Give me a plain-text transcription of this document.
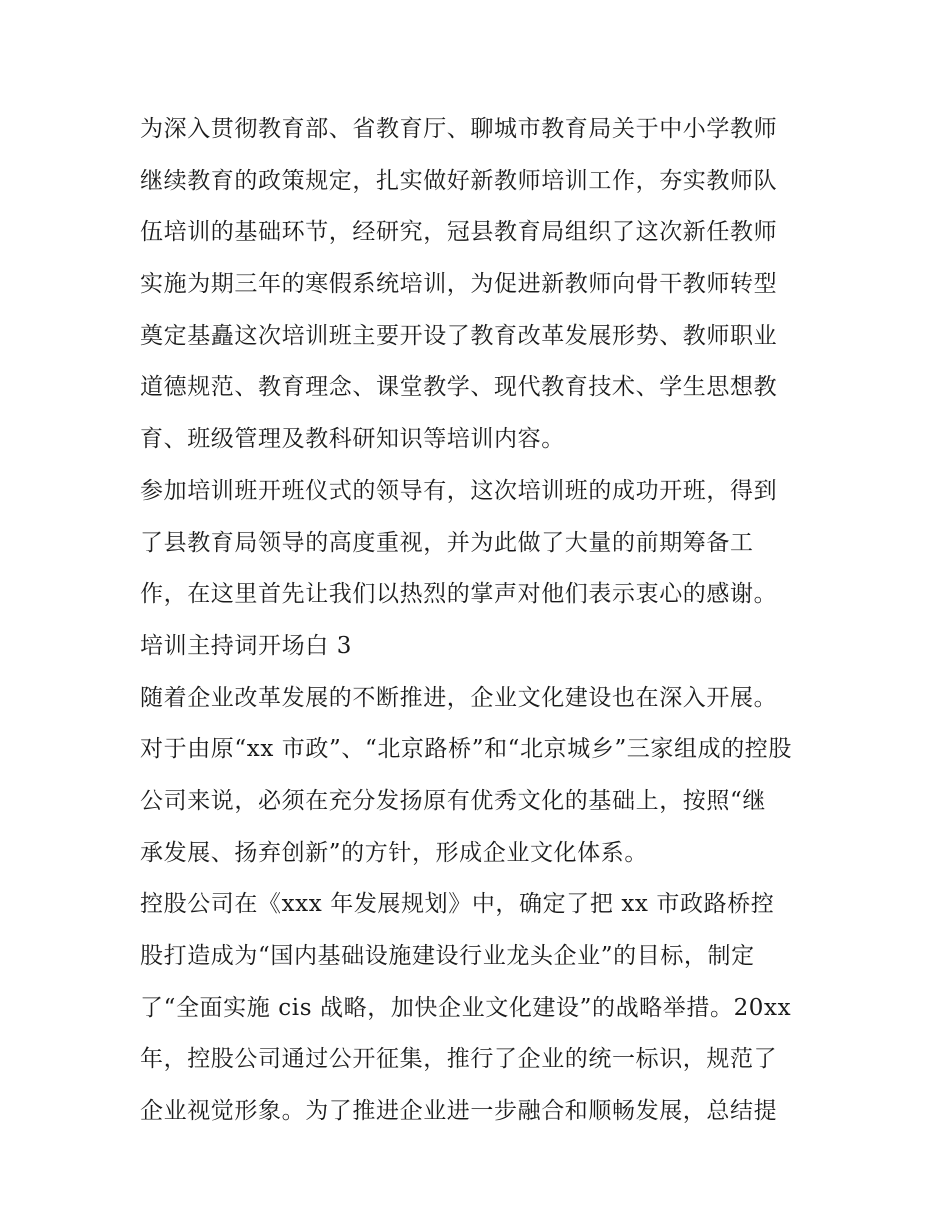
为深入贯彻教育部、省教育厅、聊城市教育局关于中小学教师
继续教育的政策规定，扎实做好新教师培训工作，夯实教师队
伍培训的基础环节，经研究，冠县教育局组织了这次新任教师
实施为期三年的寒假系统培训，为促进新教师向骨干教师转型
奠定基矗这次培训班主要开设了教育改革发展形势、教师职业
道德规范、教育理念、课堂教学、现代教育技术、学生思想教
育、班级管理及教科研知识等培训内容。
参加培训班开班仪式的领导有，这次培训班的成功开班，得到
了县教育局领导的高度重视，并为此做了大量的前期筹备工
作，在这里首先让我们以热烈的掌声对他们表示衷心的感谢。
培训主持词开场白 3
随着企业改革发展的不断推进，企业文化建设也在深入开展。
对于由原“xx 市政”、“北京路桥”和“北京城乡”三家组成的控股
公司来说，必须在充分发扬原有优秀文化的基础上，按照“继
承发展、扬弃创新”的方针，形成企业文化体系。
控股公司在《xxx 年发展规划》中，确定了把 xx 市政路桥控
股打造成为“国内基础设施建设行业龙头企业”的目标，制定
了“全面实施 cis 战略，加快企业文化建设”的战略举措。20xx
年，控股公司通过公开征集，推行了企业的统一标识，规范了
企业视觉形象。为了推进企业进一步融合和顺畅发展，总结提
